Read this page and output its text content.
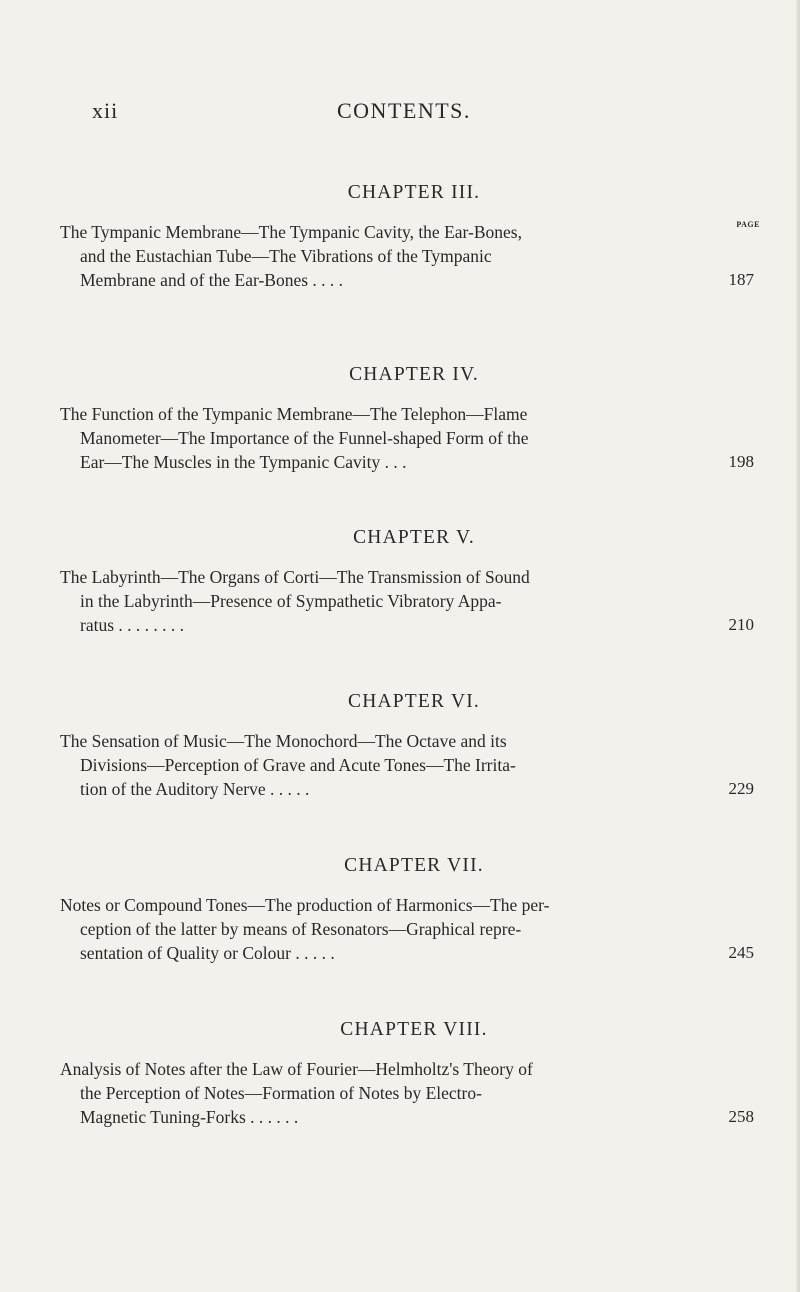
xii	CONTENTS.
CHAPTER III.
PAGE
The Tympanic Membrane—The Tympanic Cavity, the Ear-Bones,
and the Eustachian Tube—The Vibrations of the Tympanic
Membrane and of the Ear-Bones . . . .	187
CHAPTER IV.
The Function of the Tympanic Membrane—The Telephon—Flame
Manometer—The Importance of the Funnel-shaped Form of the
Ear—The Muscles in the Tympanic Cavity . . .	198
CHAPTER V.
The Labyrinth—The Organs of Corti—The Transmission of Sound
in the Labyrinth—Presence of Sympathetic Vibratory Appa-
ratus . . . . . . . .	210
CHAPTER VI.
The Sensation of Music—The Monochord—The Octave and its
Divisions—Perception of Grave and Acute Tones—The Irrita-
tion of the Auditory Nerve . . . . .	229
CHAPTER VII.
Notes or Compound Tones—The production of Harmonics—The per-
ception of the latter by means of Resonators—Graphical repre-
sentation of Quality or Colour . . . . .	245
CHAPTER VIII.
Analysis of Notes after the Law of Fourier—Helmholtz's Theory of
the Perception of Notes—Formation of Notes by Electro-
Magnetic Tuning-Forks . . . . . .	258
